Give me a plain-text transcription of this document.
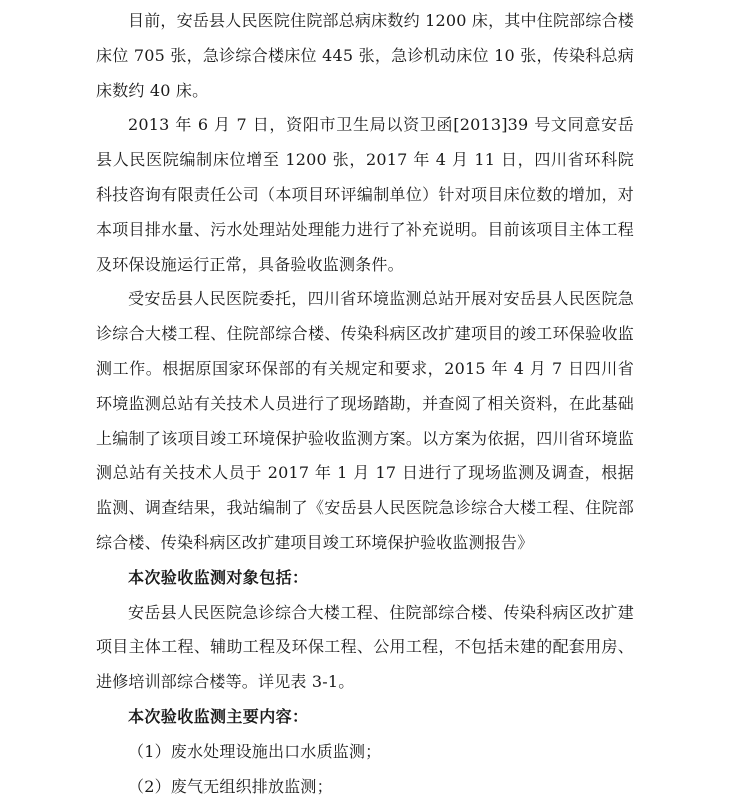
目前，安岳县人民医院住院部总病床数约 1200 床，其中住院部综合楼床位 705 张，急诊综合楼床位 445 张，急诊机动床位 10 张，传染科总病床数约 40 床。

2013 年 6 月 7 日，资阳市卫生局以资卫函[2013]39 号文同意安岳县人民医院编制床位增至 1200 张，2017 年 4 月 11 日，四川省环科院科技咨询有限责任公司（本项目环评编制单位）针对项目床位数的增加，对本项目排水量、污水处理站处理能力进行了补充说明。目前该项目主体工程及环保设施运行正常，具备验收监测条件。

受安岳县人民医院委托，四川省环境监测总站开展对安岳县人民医院急诊综合大楼工程、住院部综合楼、传染科病区改扩建项目的竣工环保验收监测工作。根据原国家环保部的有关规定和要求，2015 年 4 月 7 日四川省环境监测总站有关技术人员进行了现场踏勘，并查阅了相关资料，在此基础上编制了该项目竣工环境保护验收监测方案。以方案为依据，四川省环境监测总站有关技术人员于 2017 年 1 月 17 日进行了现场监测及调查，根据监测、调查结果，我站编制了《安岳县人民医院急诊综合大楼工程、住院部综合楼、传染科病区改扩建项目竣工环境保护验收监测报告》

本次验收监测对象包括：

安岳县人民医院急诊综合大楼工程、住院部综合楼、传染科病区改扩建项目主体工程、辅助工程及环保工程、公用工程，不包括未建的配套用房、进修培训部综合楼等。详见表 3-1。

本次验收监测主要内容：

（1）废水处理设施出口水质监测；

（2）废气无组织排放监测；
